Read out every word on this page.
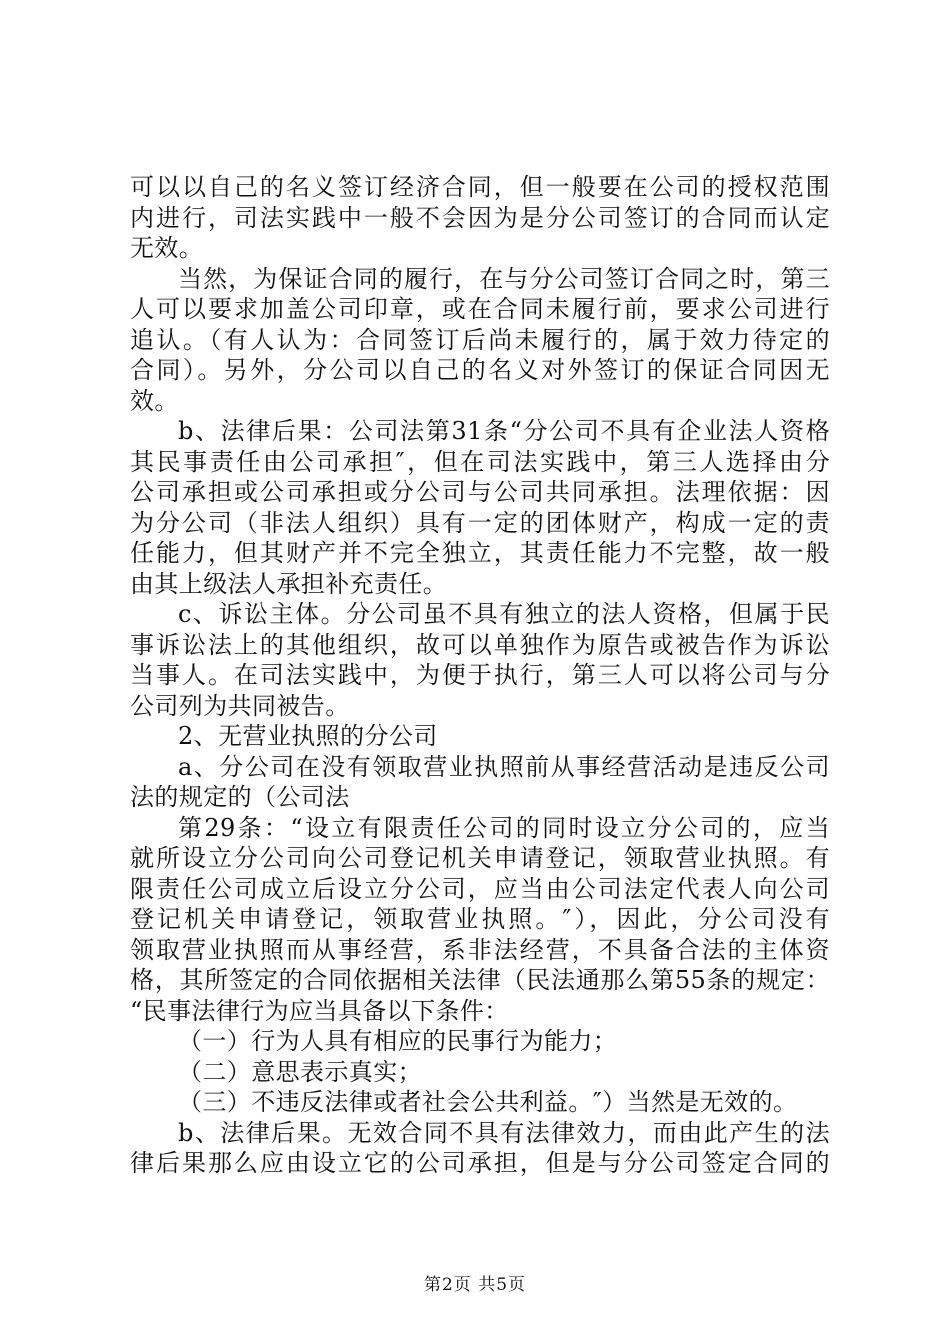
可以以自己的名义签订经济合同，但一般要在公司的授权范围
内进行，司法实践中一般不会因为是分公司签订的合同而认定
无效。
当然，为保证合同的履行，在与分公司签订合同之时，第三
人可以要求加盖公司印章，或在合同未履行前，要求公司进行
追认。（有人认为：合同签订后尚未履行的，属于效力待定的
合同）。另外，分公司以自己的名义对外签订的保证合同因无
效。
b、法律后果：公司法第31条“分公司不具有企业法人资格
其民事责任由公司承担″，但在司法实践中，第三人选择由分
公司承担或公司承担或分公司与公司共同承担。法理依据：因
为分公司（非法人组织）具有一定的团体财产，构成一定的责
任能力，但其财产并不完全独立，其责任能力不完整，故一般
由其上级法人承担补充责任。
c、诉讼主体。分公司虽不具有独立的法人资格，但属于民
事诉讼法上的其他组织，故可以单独作为原告或被告作为诉讼
当事人。在司法实践中，为便于执行，第三人可以将公司与分
公司列为共同被告。
2、无营业执照的分公司
a、分公司在没有领取营业执照前从事经营活动是违反公司
法的规定的（公司法
第29条：“设立有限责任公司的同时设立分公司的，应当
就所设立分公司向公司登记机关申请登记，领取营业执照。有
限责任公司成立后设立分公司，应当由公司法定代表人向公司
登记机关申请登记，领取营业执照。″），因此，分公司没有
领取营业执照而从事经营，系非法经营，不具备合法的主体资
格，其所签定的合同依据相关法律（民法通那么第55条的规定：
“民事法律行为应当具备以下条件：
（一）行为人具有相应的民事行为能力；
（二）意思表示真实；
（三）不违反法律或者社会公共利益。″）当然是无效的。
b、法律后果。无效合同不具有法律效力，而由此产生的法
律后果那么应由设立它的公司承担，但是与分公司签定合同的
第2页 共5页
